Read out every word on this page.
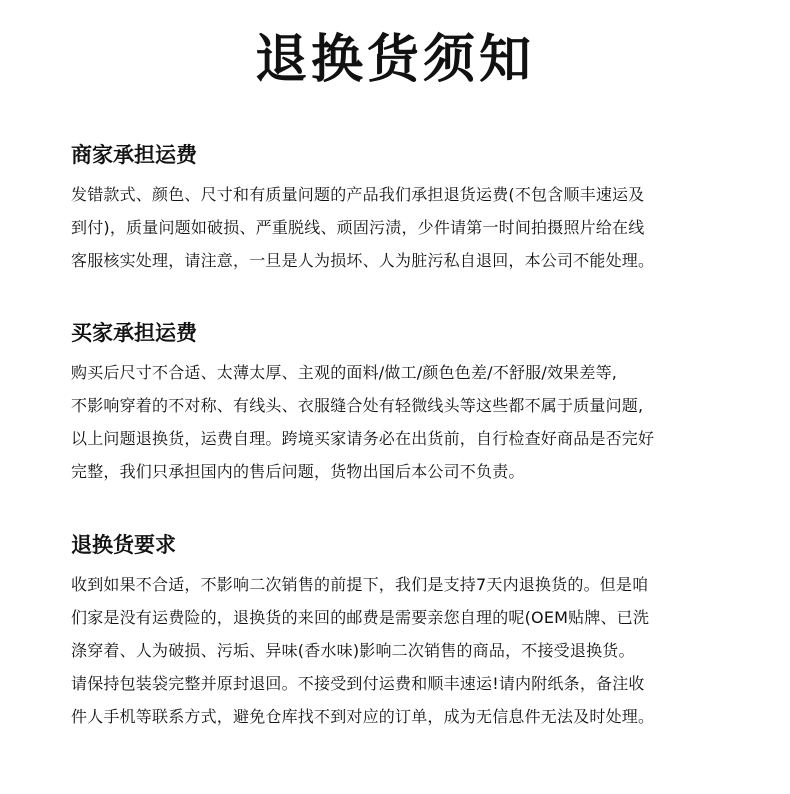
退换货须知
商家承担运费
发错款式、颜色、尺寸和有质量问题的产品我们承担退货运费(不包含顺丰速运及
到付)，质量问题如破损、严重脱线、顽固污渍，少件请第一时间拍摄照片给在线
客服核实处理，请注意，一旦是人为损坏、人为脏污私自退回，本公司不能处理。
买家承担运费
购买后尺寸不合适、太薄太厚、主观的面料/做工/颜色色差/不舒服/效果差等,
不影响穿着的不对称、有线头、衣服缝合处有轻微线头等这些都不属于质量问题,
以上问题退换货，运费自理。跨境买家请务必在出货前，自行检查好商品是否完好
完整，我们只承担国内的售后问题，货物出国后本公司不负责。
退换货要求
收到如果不合适，不影响二次销售的前提下，我们是支持7天内退换货的。但是咱
们家是没有运费险的，退换货的来回的邮费是需要亲您自理的呢(OEM贴牌、已洗
涤穿着、人为破损、污垢、异味(香水味)影响二次销售的商品，不接受退换货。
请保持包装袋完整并原封退回。不接受到付运费和顺丰速运!请内附纸条，备注收
件人手机等联系方式，避免仓库找不到对应的订单，成为无信息件无法及时处理。
